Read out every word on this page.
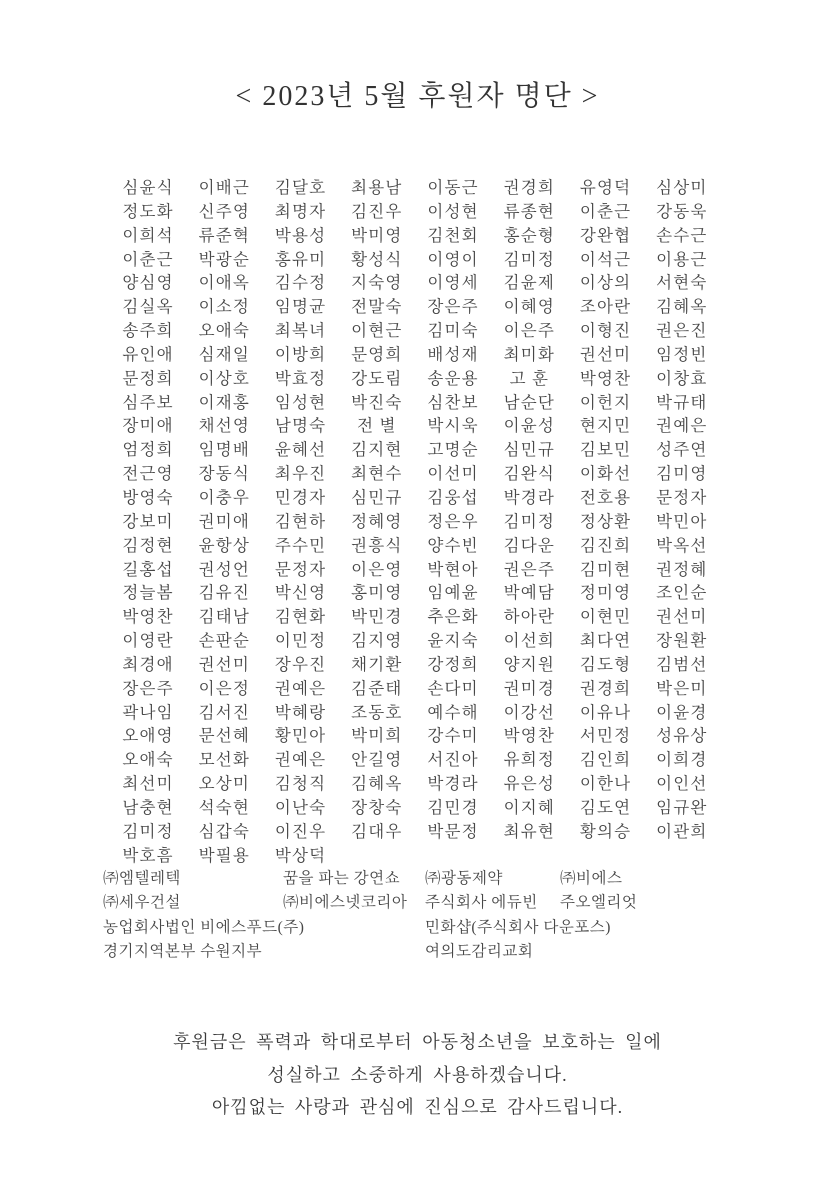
< 2023년 5월 후원자 명단 >
심윤식 이배근 김달호 최용남 이동근 권경희 유영덕 심상미
정도화 신주영 최명자 김진우 이성현 류종현 이춘근 강동욱
이희석 류준혁 박용성 박미영 김천회 홍순형 강완협 손수근
이춘근 박광순 홍유미 황성식 이영이 김미정 이석근 이용근
양심영 이애옥 김수정 지숙영 이영세 김윤제 이상의 서현숙
김실옥 이소정 임명균 전말숙 장은주 이혜영 조아란 김혜옥
송주희 오애숙 최복녀 이현근 김미숙 이은주 이형진 권은진
유인애 심재일 이방희 문영희 배성재 최미화 권선미 임정빈
문정희 이상호 박효정 강도림 송운용 고 훈 박영찬 이창효
심주보 이재홍 임성현 박진숙 심찬보 남순단 이헌지 박규태
장미애 채선영 남명숙 전 별 박시욱 이윤성 현지민 권예은
엄정희 임명배 윤혜선 김지현 고명순 심민규 김보민 성주연
전근영 장동식 최우진 최현수 이선미 김완식 이화선 김미영
방영숙 이충우 민경자 심민규 김웅섭 박경라 전호용 문정자
강보미 권미애 김현하 정혜영 정은우 김미정 정상환 박민아
김정현 윤항상 주수민 권흥식 양수빈 김다운 김진희 박옥선
길홍섭 권성언 문정자 이은영 박현아 권은주 김미현 권정혜
정늘봄 김유진 박신영 홍미영 임예윤 박예담 정미영 조인순
박영찬 김태남 김현화 박민경 추은화 하아란 이현민 권선미
이영란 손판순 이민정 김지영 윤지숙 이선희 최다연 장원환
최경애 권선미 장우진 채기환 강정희 양지원 김도형 김범선
장은주 이은정 권예은 김준태 손다미 권미경 권경희 박은미
곽나임 김서진 박혜랑 조동호 예수해 이강선 이유나 이윤경
오애영 문선혜 황민아 박미희 강수미 박영찬 서민정 성유상
오애숙 모선화 권예은 안길영 서진아 유희정 김인희 이희경
최선미 오상미 김청직 김혜옥 박경라 유은성 이한나 이인선
남충현 석숙현 이난숙 장창숙 김민경 이지혜 김도연 임규완
김미정 심갑숙 이진우 김대우 박문정 최유현 황의승 이관희
박호흠 박필용 박상덕
㈜엠텔레텍	꿈을 파는 강연쇼 ㈜광동제약	㈜비에스
㈜세우건설	㈜비에스넷코리아 주식회사 에듀빈 주오엘리엇
농업회사법인 비에스푸드(주)	민화샵(주식회사 다운포스)
경기지역본부 수원지부	여의도감리교회
후원금은 폭력과 학대로부터 아동청소년을 보호하는 일에
성실하고 소중하게 사용하겠습니다.
아낌없는 사랑과 관심에 진심으로 감사드립니다.
